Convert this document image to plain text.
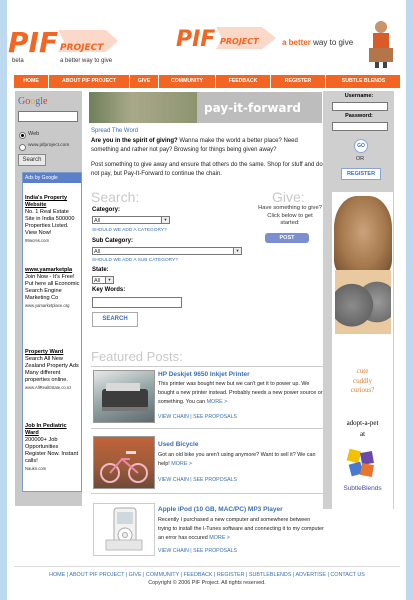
PIF PROJECT
beta	a better way to give
PIF PROJECT	a better way to give
HOME	ABOUT PIF PROJECT	GIVE	COMMUNITY	FEEDBACK	REGISTER	SUBTLE BLENDS
Google
Web
www.pifproject.com
Search
Ads by Google
India's Property Website
No. 1 Real Estate Site in India 500000 Properties Listed. View Now!
99acres.com
www.yamarketpla
Join Now - It's Free! Put here all Economic Search Engine Marketing Co
www.yamarketplace.org
Property Ward
Search All New Zealand Property Ads Many different properties online.
www.AllRealEstate.co.nz
Job In Pediatric Ward
200000+ Job Opportunities Register Now. Instant calls!
Naukri.com
pay-it-forward
Spread The Word
Are you in the spirit of giving? Wanna make the world a better place? Need something and rather not pay? Browsing for things being given away?
Post something to give away and ensure that others do the same. Shop for stuff and do not pay, but Pay-It-Forward to continue the chain.
Search:
Category:
All	▼
SHOULD WE ADD A CATEGORY?
Sub Category:
All	▼
SHOULD WE ADD A SUB CATEGORY?
State:
All	▼
Key Words:
SEARCH
Give:
Have something to give? Click below to get started:
POST
Featured Posts:
HP Deskjet 9650 Inkjet Printer
This printer was bought new but we can't get it to power up. We bought a new printer instead. Probably needs a new power source or something. You can MORE >
VIEW CHAIN | SEE PROPOSALS
Used Bicycle
Got an old bike you aren't using anymore? Want to sell it? We can help! MORE >
VIEW CHAIN | SEE PROPOSALS
Apple iPod (10 GB, MAC/PC) MP3 Player
Recently I purchased a new computer and somewhere between trying to install the I-Tunes software and connecting it to my computer an error has occured MORE >
VIEW CHAIN | SEE PROPOSALS
Username:
Password:
GO
OR
REGISTER
cute
cuddly
curious?
adopt-a-pet
at
SubtleBlends
HOME | ABOUT PIF PROJECT | GIVE | COMMUNITY | FEEDBACK | REGISTER | SUBTLEBLENDS | ADVERTISE | CONTACT US
Copyright © 2006 PIF Project. All rights reserved.
